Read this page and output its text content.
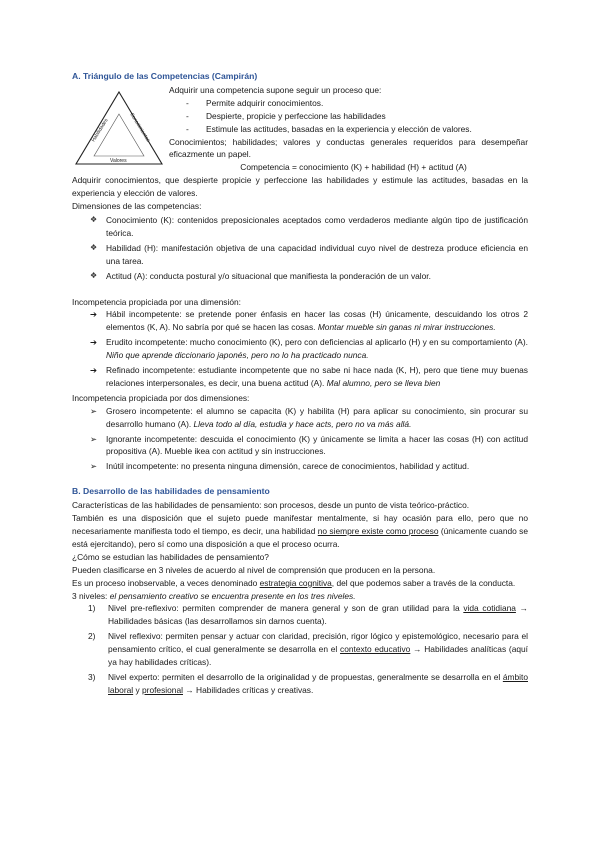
A. Triángulo de las Competencias (Campirán)
Habilidades	Conocimientos
Valores
Adquirir una competencia supone seguir un proceso que:
- Permite adquirir conocimientos.
- Despierte, propicie y perfeccione las habilidades
- Estimule las actitudes, basadas en la experiencia y elección de valores.
Conocimientos; habilidades; valores y conductas generales requeridos para desempeñar eficazmente un papel.
Competencia = conocimiento (K) + habilidad (H) + actitud (A)
Adquirir conocimientos, que despierte propicie y perfeccione las habilidades y estimule las actitudes, basadas en la experiencia y elección de valores.
Dimensiones de las competencias:
❖ Conocimiento (K): contenidos preposicionales aceptados como verdaderos mediante algún tipo de justificación teórica.
❖ Habilidad (H): manifestación objetiva de una capacidad individual cuyo nivel de destreza produce eficiencia en una tarea.
❖ Actitud (A): conducta postural y/o situacional que manifiesta la ponderación de un valor.
Incompetencia propiciada por una dimensión:
➔ Hábil incompetente: se pretende poner énfasis en hacer las cosas (H) únicamente, descuidando los otros 2 elementos (K, A). No sabría por qué se hacen las cosas. Montar mueble sin ganas ni mirar instrucciones.
➔ Erudito incompetente: mucho conocimiento (K), pero con deficiencias al aplicarlo (H) y en su comportamiento (A). Niño que aprende diccionario japonés, pero no lo ha practicado nunca.
➔ Refinado incompetente: estudiante incompetente que no sabe ni hace nada (K, H), pero que tiene muy buenas relaciones interpersonales, es decir, una buena actitud (A). Mal alumno, pero se lleva bien
Incompetencia propiciada por dos dimensiones:
➢ Grosero incompetente: el alumno se capacita (K) y habilita (H) para aplicar su conocimiento, sin procurar su desarrollo humano (A). Lleva todo al día, estudia y hace acts, pero no va más allá.
➢ Ignorante incompetente: descuida el conocimiento (K) y únicamente se limita a hacer las cosas (H) con actitud propositiva (A). Mueble ikea con actitud y sin instrucciones.
➢ Inútil incompetente: no presenta ninguna dimensión, carece de conocimientos, habilidad y actitud.
B. Desarrollo de las habilidades de pensamiento
Características de las habilidades de pensamiento: son procesos, desde un punto de vista teórico-práctico.
También es una disposición que el sujeto puede manifestar mentalmente, si hay ocasión para ello, pero que no necesariamente manifiesta todo el tiempo, es decir, una habilidad no siempre existe como proceso (únicamente cuando se está ejercitando), pero sí como una disposición a que el proceso ocurra.
¿Cómo se estudian las habilidades de pensamiento?
Pueden clasificarse en 3 niveles de acuerdo al nivel de comprensión que producen en la persona.
Es un proceso inobservable, a veces denominado estrategia cognitiva, del que podemos saber a través de la conducta.
3 niveles: el pensamiento creativo se encuentra presente en los tres niveles.
1) Nivel pre-reflexivo: permiten comprender de manera general y son de gran utilidad para la vida cotidiana → Habilidades básicas (las desarrollamos sin darnos cuenta).
2) Nivel reflexivo: permiten pensar y actuar con claridad, precisión, rigor lógico y epistemológico, necesario para el pensamiento crítico, el cual generalmente se desarrolla en el contexto educativo → Habilidades analíticas (aquí ya hay habilidades críticas).
3) Nivel experto: permiten el desarrollo de la originalidad y de propuestas, generalmente se desarrolla en el ámbito laboral y profesional → Habilidades críticas y creativas.
